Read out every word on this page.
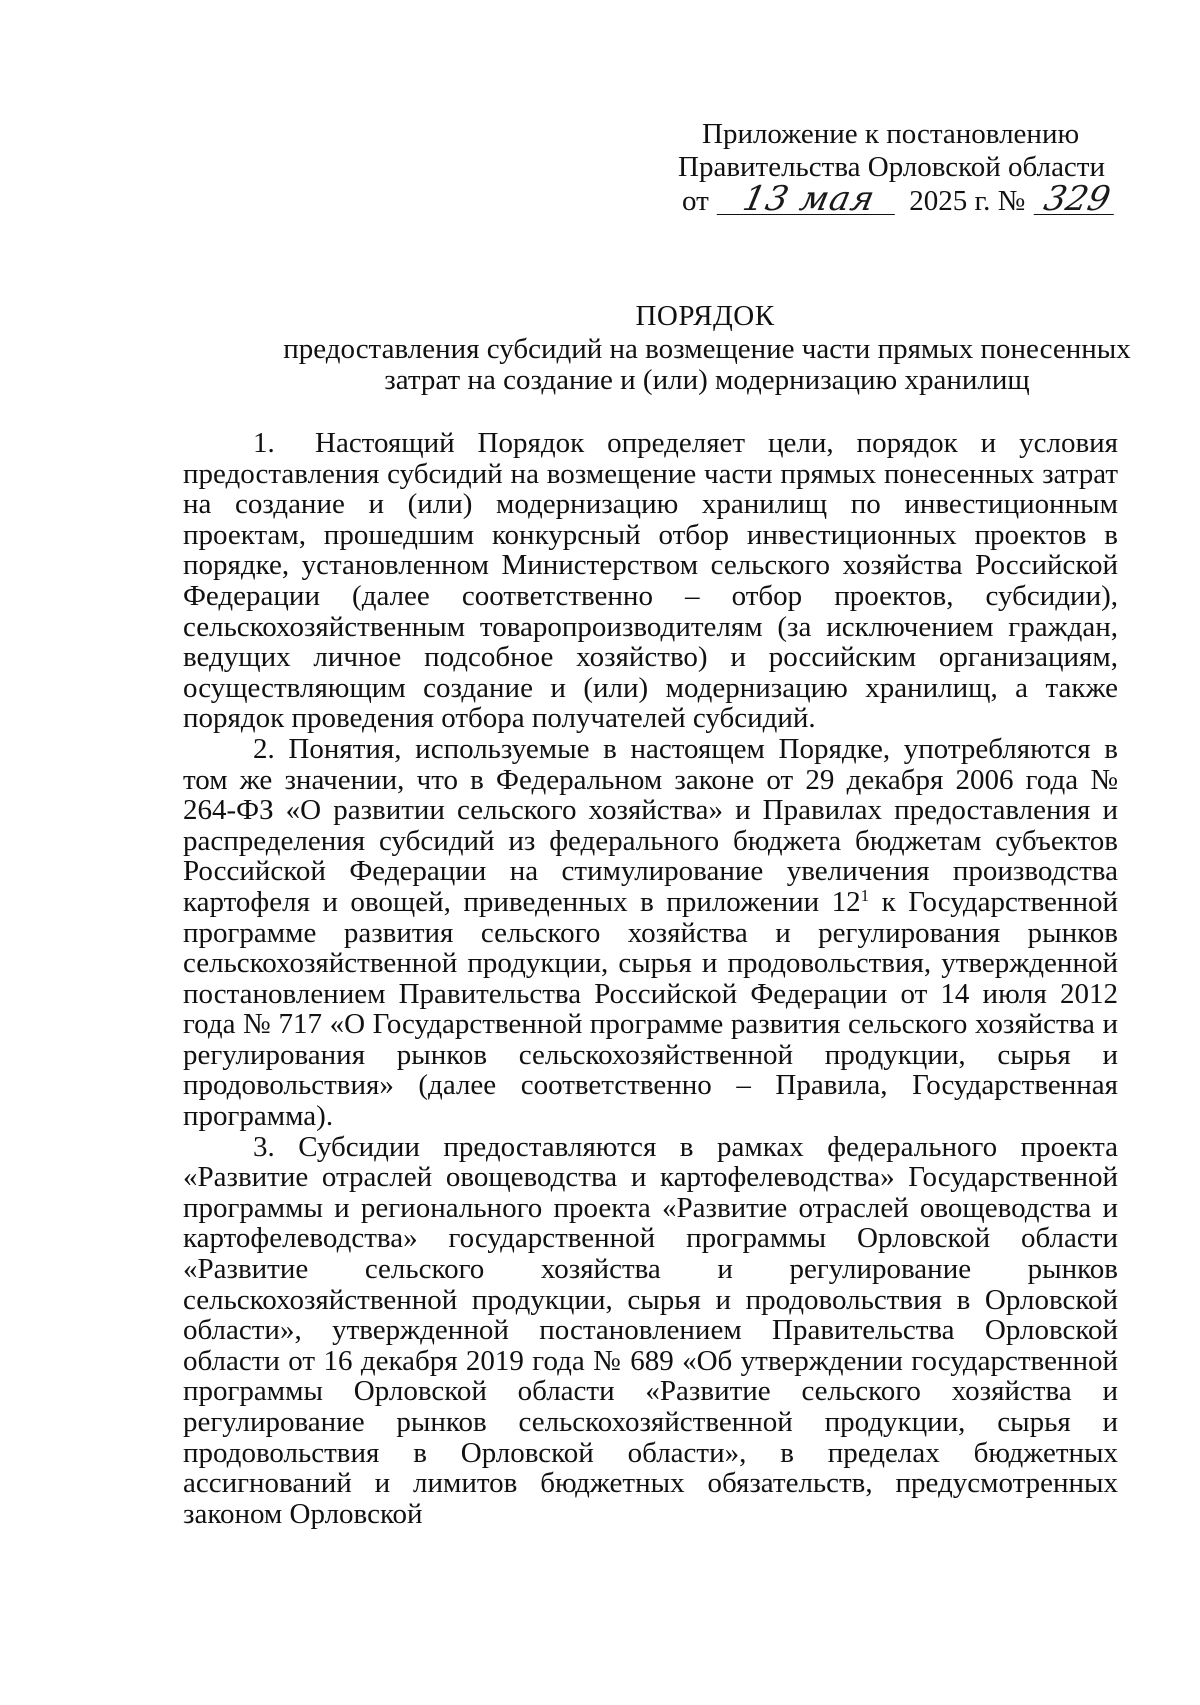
Приложение к постановлению
Правительства Орловской области
от 13 мая 2025 г. № 329
ПОРЯДОК
предоставления субсидий на возмещение части прямых понесенных
затрат на создание и (или) модернизацию хранилищ

1. Настоящий Порядок определяет цели, порядок и условия предоставления субсидий на возмещение части прямых понесенных затрат на создание и (или) модернизацию хранилищ по инвестиционным проектам, прошедшим конкурсный отбор инвестиционных проектов в порядке, установленном Министерством сельского хозяйства Российской Федерации (далее соответственно – отбор проектов, субсидии), сельскохозяйственным товаропроизводителям (за исключением граждан, ведущих личное подсобное хозяйство) и российским организациям, осуществляющим создание и (или) модернизацию хранилищ, а также порядок проведения отбора получателей субсидий.

2. Понятия, используемые в настоящем Порядке, употребляются в том же значении, что в Федеральном законе от 29 декабря 2006 года № 264-ФЗ «О развитии сельского хозяйства» и Правилах предоставления и распределения субсидий из федерального бюджета бюджетам субъектов Российской Федерации на стимулирование увеличения производства картофеля и овощей, приведенных в приложении $12^1$ к Государственной программе развития сельского хозяйства и регулирования рынков сельскохозяйственной продукции, сырья и продовольствия, утвержденной постановлением Правительства Российской Федерации от 14 июля 2012 года № 717 «О Государственной программе развития сельского хозяйства и регулирования рынков сельскохозяйственной продукции, сырья и продовольствия» (далее соответственно – Правила, Государственная программа).

3. Субсидии предоставляются в рамках федерального проекта «Развитие отраслей овощеводства и картофелеводства» Государственной программы и регионального проекта «Развитие отраслей овощеводства и картофелеводства» государственной программы Орловской области «Развитие сельского хозяйства и регулирование рынков сельскохозяйственной продукции, сырья и продовольствия в Орловской области», утвержденной постановлением Правительства Орловской области от 16 декабря 2019 года № 689 «Об утверждении государственной программы Орловской области «Развитие сельского хозяйства и регулирование рынков сельскохозяйственной продукции, сырья и продовольствия в Орловской области», в пределах бюджетных ассигнований и лимитов бюджетных обязательств, предусмотренных законом Орловской
